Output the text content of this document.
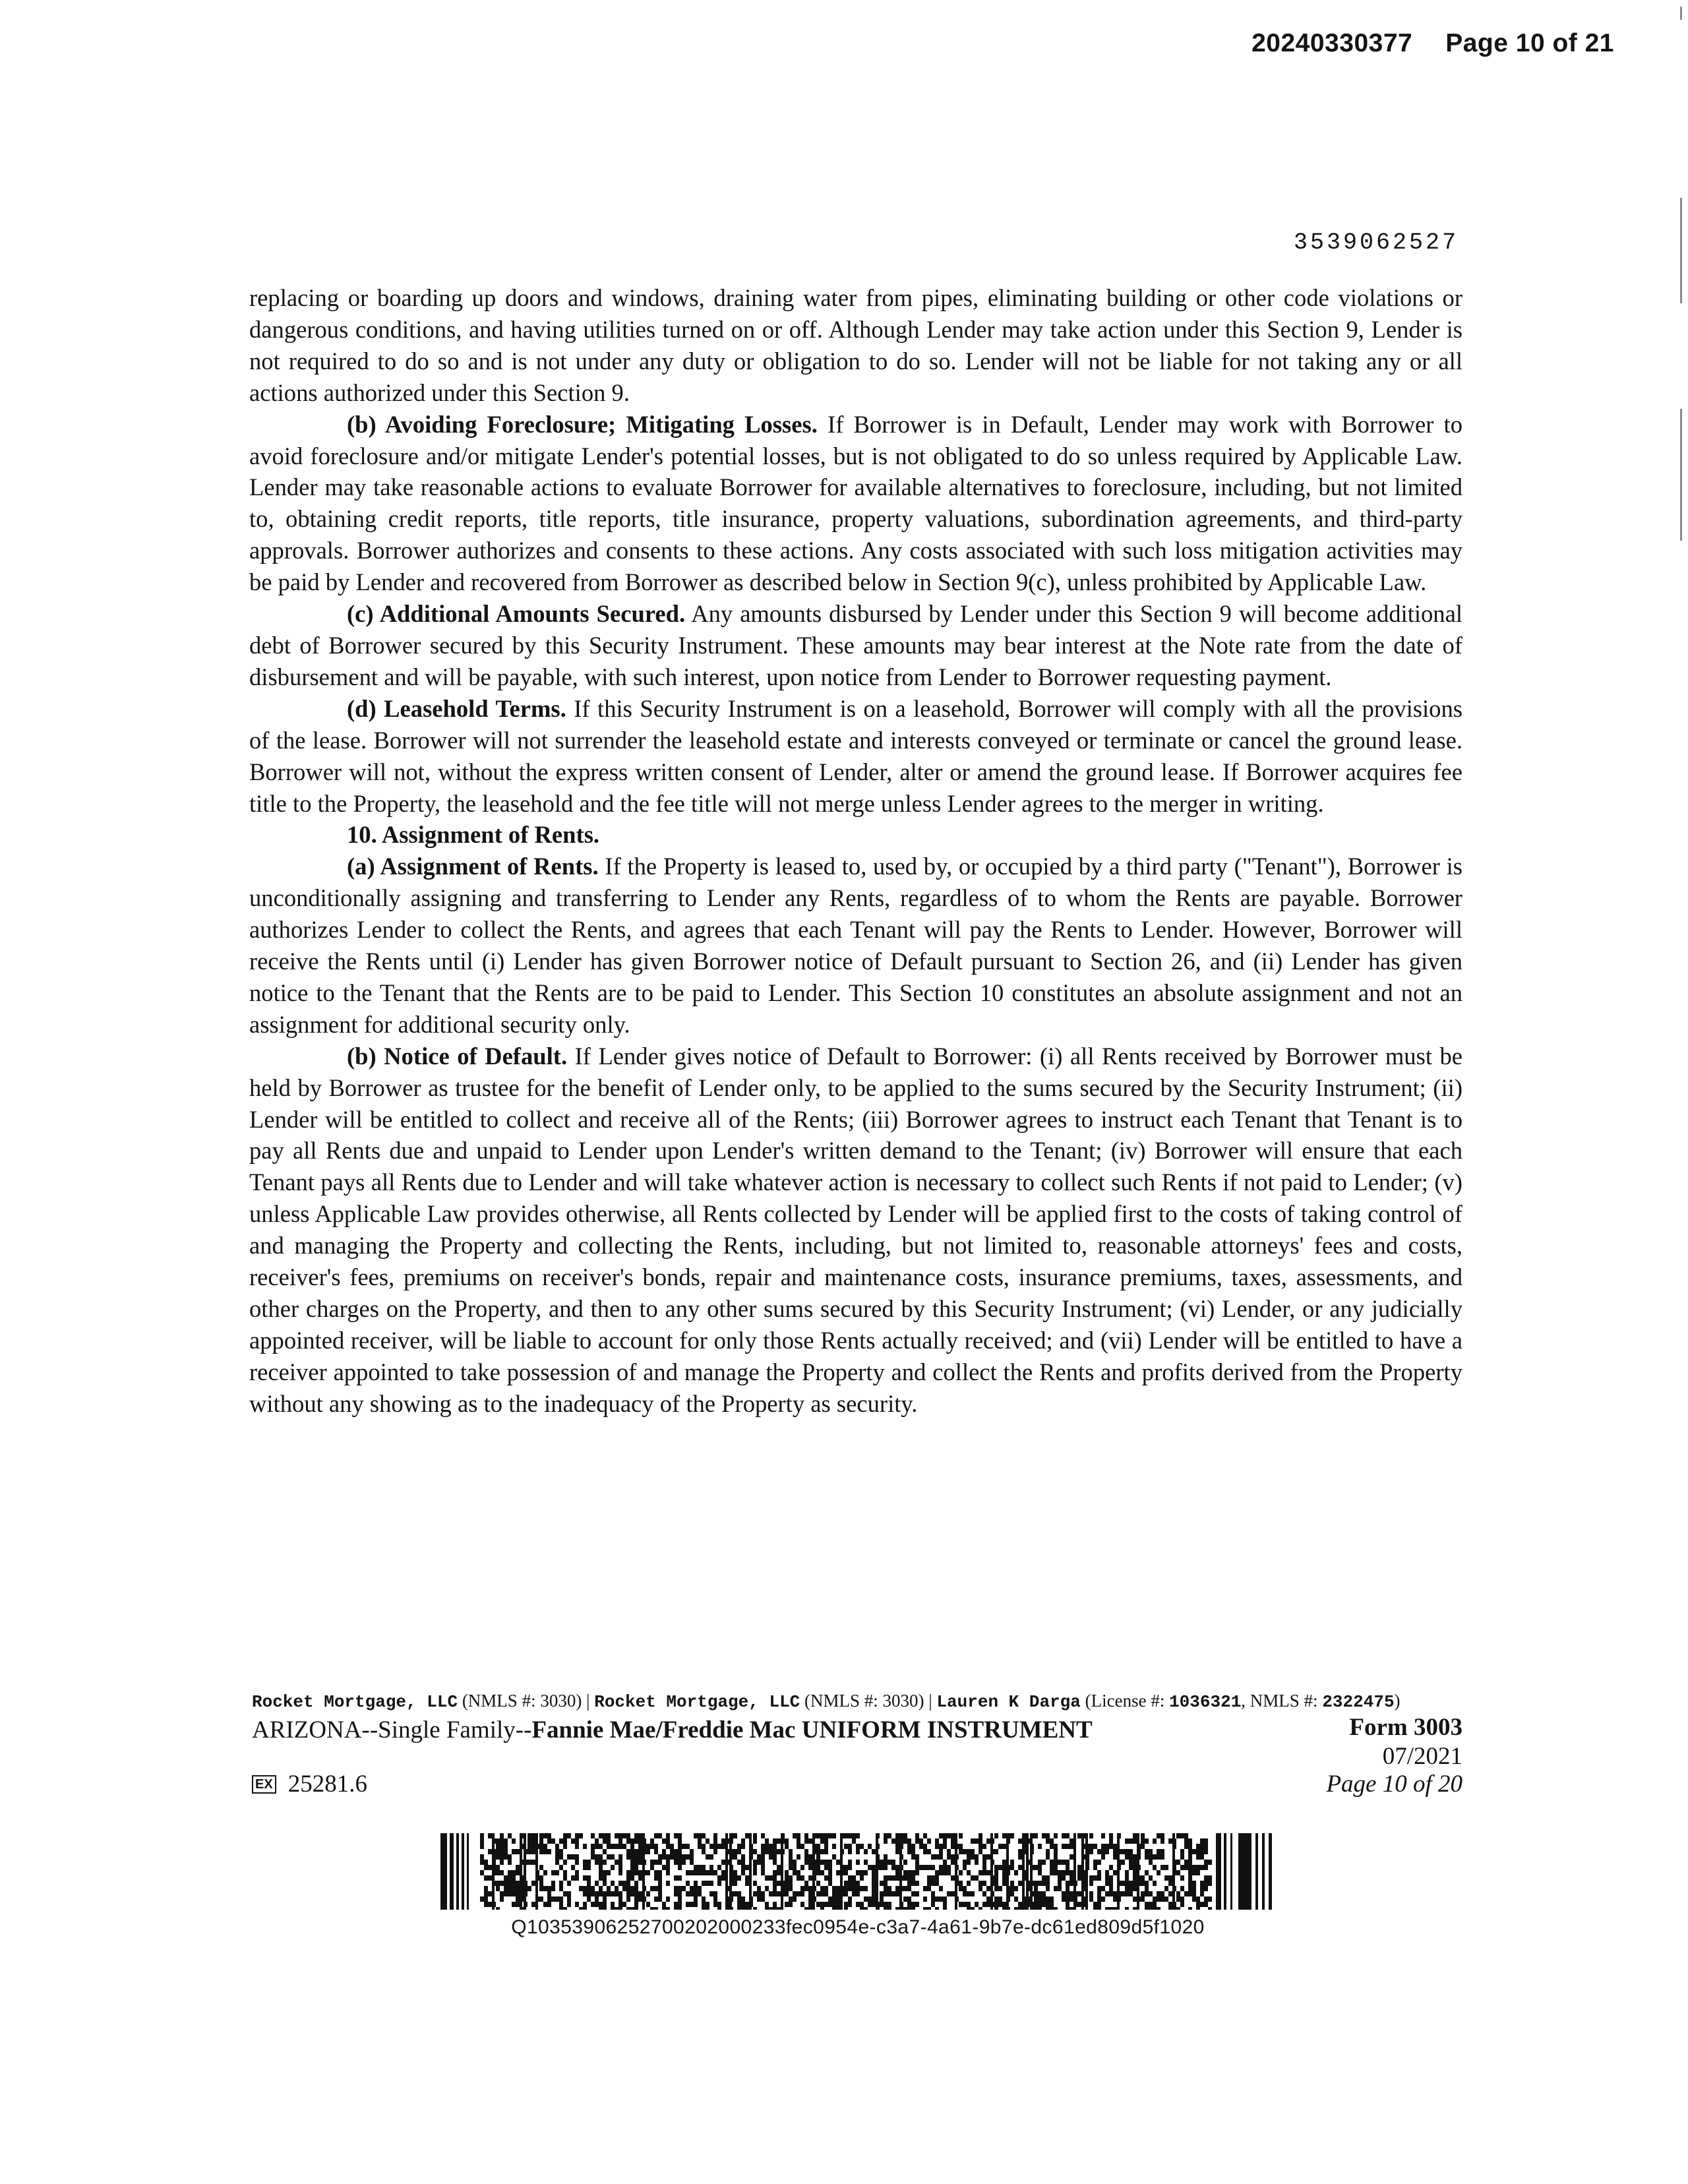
20240330377 Page 10 of 21
3539062527

replacing or boarding up doors and windows, draining water from pipes, eliminating building or other code violations or dangerous conditions, and having utilities turned on or off. Although Lender may take action under this Section 9, Lender is not required to do so and is not under any duty or obligation to do so. Lender will not be liable for not taking any or all actions authorized under this Section 9.

(b) Avoiding Foreclosure; Mitigating Losses. If Borrower is in Default, Lender may work with Borrower to avoid foreclosure and/or mitigate Lender's potential losses, but is not obligated to do so unless required by Applicable Law. Lender may take reasonable actions to evaluate Borrower for available alternatives to foreclosure, including, but not limited to, obtaining credit reports, title reports, title insurance, property valuations, subordination agreements, and third-party approvals. Borrower authorizes and consents to these actions. Any costs associated with such loss mitigation activities may be paid by Lender and recovered from Borrower as described below in Section 9(c), unless prohibited by Applicable Law.

(c) Additional Amounts Secured. Any amounts disbursed by Lender under this Section 9 will become additional debt of Borrower secured by this Security Instrument. These amounts may bear interest at the Note rate from the date of disbursement and will be payable, with such interest, upon notice from Lender to Borrower requesting payment.

(d) Leasehold Terms. If this Security Instrument is on a leasehold, Borrower will comply with all the provisions of the lease. Borrower will not surrender the leasehold estate and interests conveyed or terminate or cancel the ground lease. Borrower will not, without the express written consent of Lender, alter or amend the ground lease. If Borrower acquires fee title to the Property, the leasehold and the fee title will not merge unless Lender agrees to the merger in writing.

10. Assignment of Rents.

(a) Assignment of Rents. If the Property is leased to, used by, or occupied by a third party ("Tenant"), Borrower is unconditionally assigning and transferring to Lender any Rents, regardless of to whom the Rents are payable. Borrower authorizes Lender to collect the Rents, and agrees that each Tenant will pay the Rents to Lender. However, Borrower will receive the Rents until (i) Lender has given Borrower notice of Default pursuant to Section 26, and (ii) Lender has given notice to the Tenant that the Rents are to be paid to Lender. This Section 10 constitutes an absolute assignment and not an assignment for additional security only.

(b) Notice of Default. If Lender gives notice of Default to Borrower: (i) all Rents received by Borrower must be held by Borrower as trustee for the benefit of Lender only, to be applied to the sums secured by the Security Instrument; (ii) Lender will be entitled to collect and receive all of the Rents; (iii) Borrower agrees to instruct each Tenant that Tenant is to pay all Rents due and unpaid to Lender upon Lender's written demand to the Tenant; (iv) Borrower will ensure that each Tenant pays all Rents due to Lender and will take whatever action is necessary to collect such Rents if not paid to Lender; (v) unless Applicable Law provides otherwise, all Rents collected by Lender will be applied first to the costs of taking control of and managing the Property and collecting the Rents, including, but not limited to, reasonable attorneys' fees and costs, receiver's fees, premiums on receiver's bonds, repair and maintenance costs, insurance premiums, taxes, assessments, and other charges on the Property, and then to any other sums secured by this Security Instrument; (vi) Lender, or any judicially appointed receiver, will be liable to account for only those Rents actually received; and (vii) Lender will be entitled to have a receiver appointed to take possession of and manage the Property and collect the Rents and profits derived from the Property without any showing as to the inadequacy of the Property as security.

Rocket Mortgage, LLC (NMLS #: 3030) | Rocket Mortgage, LLC (NMLS #: 3030) | Lauren K Darga (License #: 1036321, NMLS #: 2322475)
ARIZONA--Single Family--Fannie Mae/Freddie Mac UNIFORM INSTRUMENT	Form 3003
07/2021
EX 25281.6	Page 10 of 20
Q10353906252700202000233fec0954e-c3a7-4a61-9b7e-dc61ed809d5f1020
